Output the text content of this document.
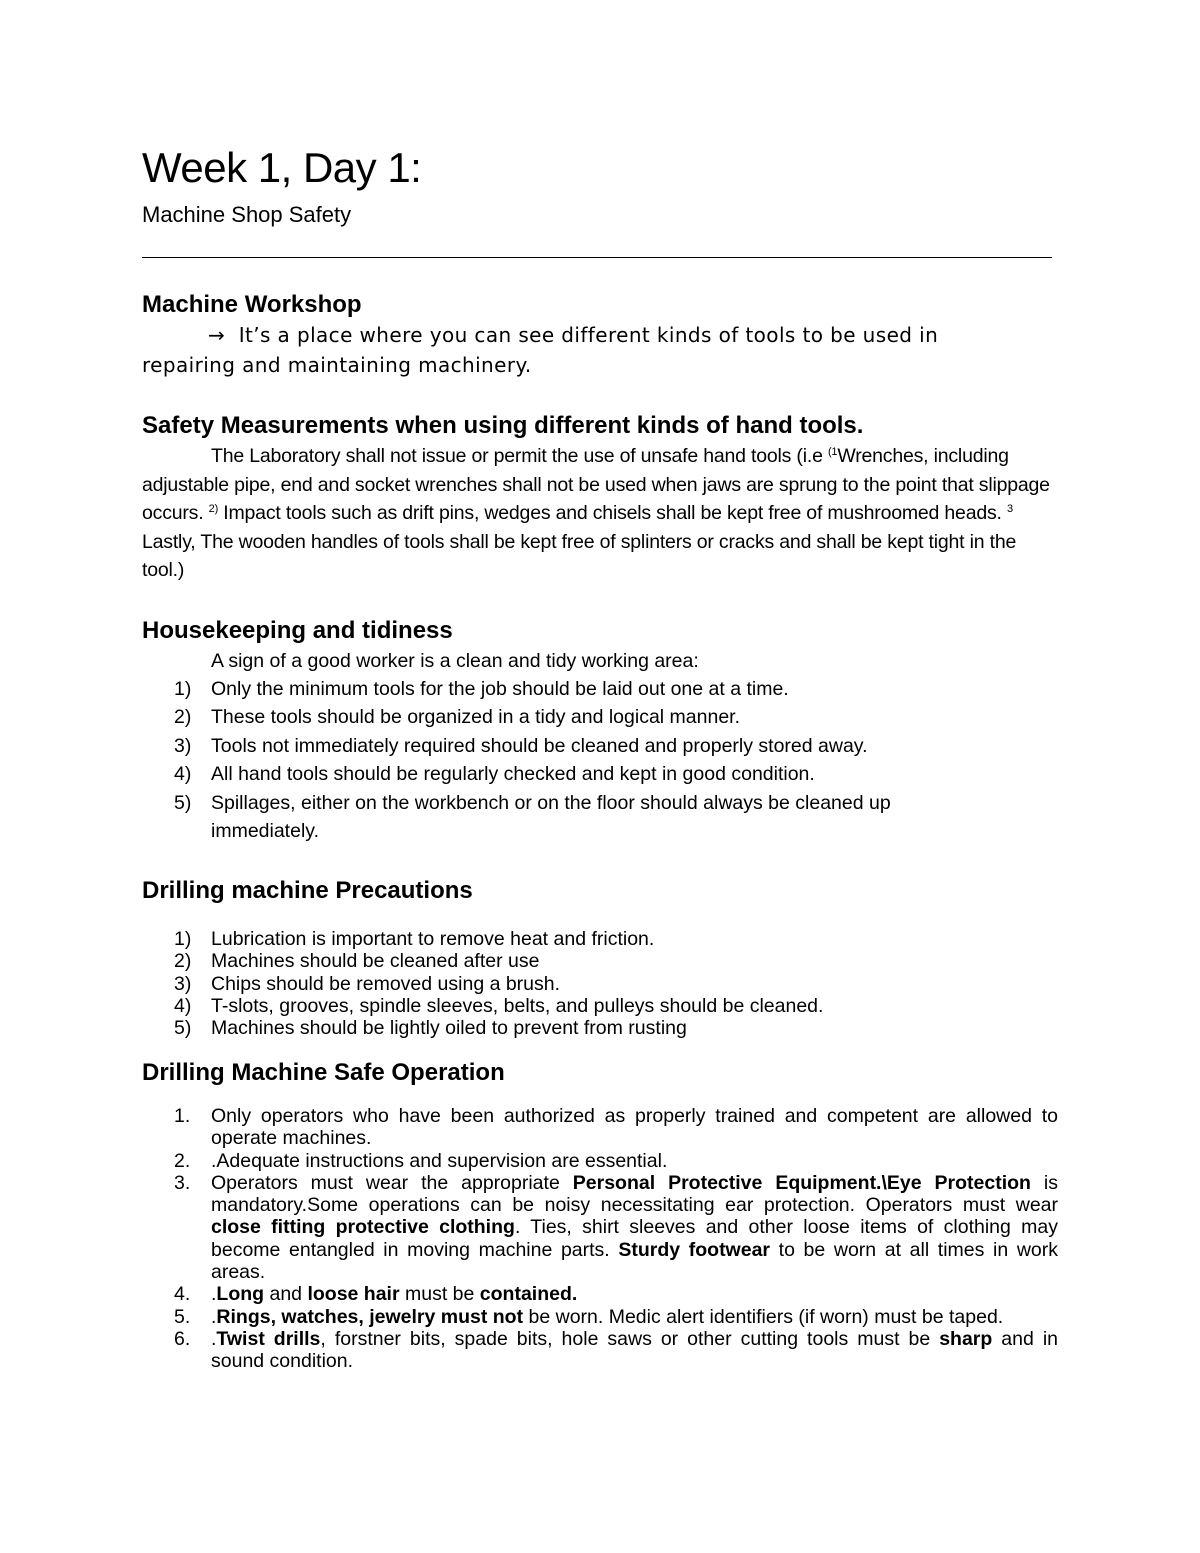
Week 1, Day 1:
Machine Shop Safety
Machine Workshop
→ It’s a place where you can see different kinds of tools to be used in
repairing and maintaining machinery.
Safety Measurements when using different kinds of hand tools.
The Laboratory shall not issue or permit the use of unsafe hand tools (i.e $^{(1}$Wrenches, including adjustable pipe, end and socket wrenches shall not be used when jaws are sprung to the point that slippage occurs. $^{2)}$ Impact tools such as drift pins, wedges and chisels shall be kept free of mushroomed heads. $^3$ Lastly, The wooden handles of tools shall be kept free of splinters or cracks and shall be kept tight in the tool.)
Housekeeping and tidiness
A sign of a good worker is a clean and tidy working area:
1) Only the minimum tools for the job should be laid out one at a time.
2) These tools should be organized in a tidy and logical manner.
3) Tools not immediately required should be cleaned and properly stored away.
4) All hand tools should be regularly checked and kept in good condition.
5) Spillages, either on the workbench or on the floor should always be cleaned up immediately.
Drilling machine Precautions
1) Lubrication is important to remove heat and friction.
2) Machines should be cleaned after use
3) Chips should be removed using a brush.
4) T-slots, grooves, spindle sleeves, belts, and pulleys should be cleaned.
5) Machines should be lightly oiled to prevent from rusting
Drilling Machine Safe Operation
1. Only operators who have been authorized as properly trained and competent are allowed to operate machines.
2. .Adequate instructions and supervision are essential.
3. Operators must wear the appropriate Personal Protective Equipment.\Eye Protection is mandatory.Some operations can be noisy necessitating ear protection. Operators must wear close fitting protective clothing. Ties, shirt sleeves and other loose items of clothing may become entangled in moving machine parts. Sturdy footwear to be worn at all times in work areas.
4. .Long and loose hair must be contained.
5. .Rings, watches, jewelry must not be worn. Medic alert identifiers (if worn) must be taped.
6. .Twist drills, forstner bits, spade bits, hole saws or other cutting tools must be sharp and in sound condition.
